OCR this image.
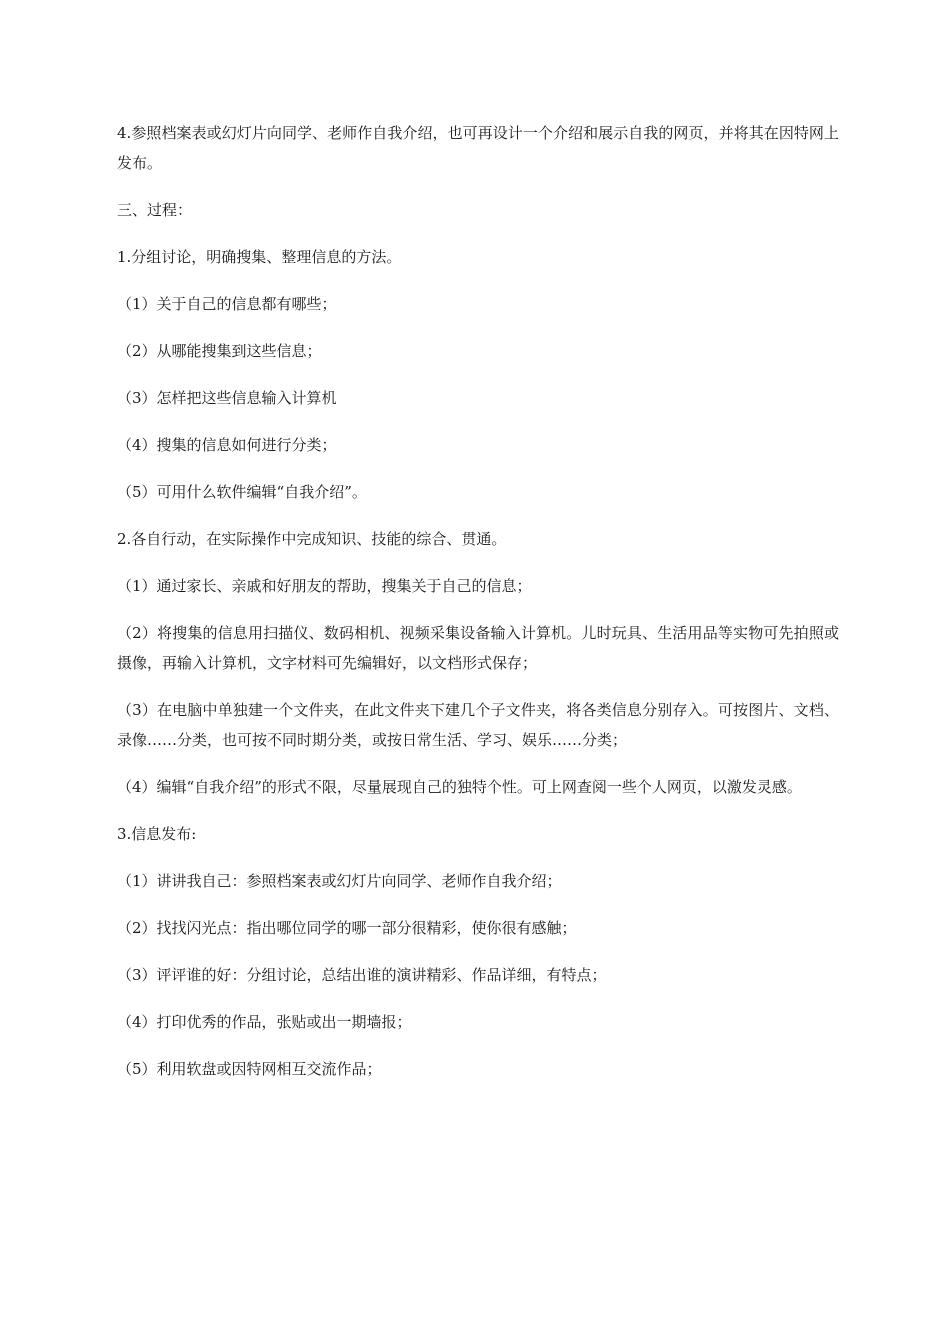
4.参照档案表或幻灯片向同学、老师作自我介绍，也可再设计一个介绍和展示自我的网页，并将其在因特网上发布。

三、过程：

1.分组讨论，明确搜集、整理信息的方法。

（1）关于自己的信息都有哪些；

（2）从哪能搜集到这些信息；

（3）怎样把这些信息输入计算机

（4）搜集的信息如何进行分类；

（5）可用什么软件编辑“自我介绍”。

2.各自行动，在实际操作中完成知识、技能的综合、贯通。

（1）通过家长、亲戚和好朋友的帮助，搜集关于自己的信息；

（2）将搜集的信息用扫描仪、数码相机、视频采集设备输入计算机。儿时玩具、生活用品等实物可先拍照或摄像，再输入计算机，文字材料可先编辑好，以文档形式保存；

（3）在电脑中单独建一个文件夹，在此文件夹下建几个子文件夹，将各类信息分别存入。可按图片、文档、录像……分类，也可按不同时期分类，或按日常生活、学习、娱乐……分类；

（4）编辑“自我介绍”的形式不限，尽量展现自己的独特个性。可上网查阅一些个人网页，以激发灵感。

3.信息发布:

（1）讲讲我自己：参照档案表或幻灯片向同学、老师作自我介绍；

（2）找找闪光点：指出哪位同学的哪一部分很精彩，使你很有感触；

（3）评评谁的好：分组讨论，总结出谁的演讲精彩、作品详细，有特点；

（4）打印优秀的作品，张贴或出一期墙报；

（5）利用软盘或因特网相互交流作品；
